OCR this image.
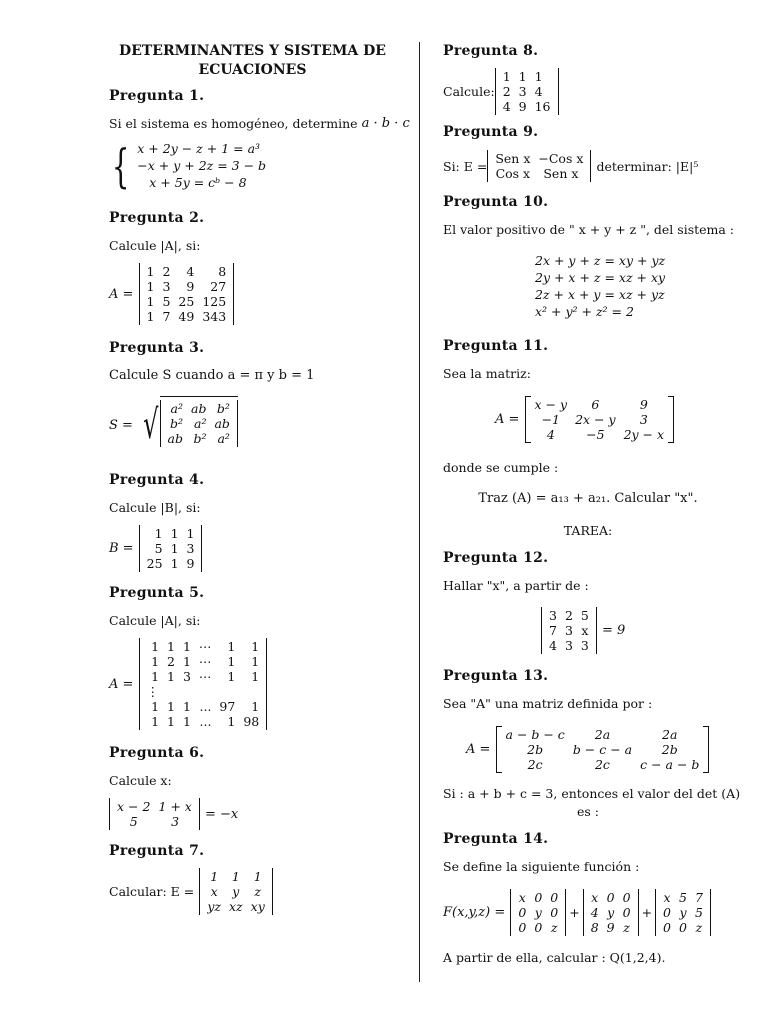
DETERMINANTES Y SISTEMA DE ECUACIONES
Pregunta 1.
Si el sistema es homogéneo, determine
a · b · c
{ x + 2y − z + 1 = a³
−x + y + 2z = 3 − b
x + 5y = cᵇ − 8
Pregunta 2.
Calcule |A|, si:
A =

1	2	4	8
1	3	9	27
1	5	25	125
1	7	49	343
Pregunta 3.
Calcule S cuando a = π y b = 1
S =
√ a²	ab	b²
b²	a²	ab
ab	b²	a²
Pregunta 4.
Calcule |B|, si:
B =

1	1	1
5	1	3
25	1	9
Pregunta 5.
Calcule |A|, si:
A =

1	1	1	⋯	1	1
1	2	1	⋯	1	1
1	1	3	⋯	1	1
⋮					
1	1	1	...	97	1
1	1	1	...	1	98
Pregunta 6.
Calcule x:
x − 2	1 + x
5	3
= −x
Pregunta 7.
Calcular: E =

1	1	1
x	y	z
yz	xz	xy
Pregunta 8.
Calcule:
1	1	1
2	3	4
4	9	16
Pregunta 9.
Si: E = Sen x	−Cos x
Cos x	Sen x
determinar: |E|⁵
Pregunta 10.
El valor positivo de " x + y + z ", del sistema :
2x + y + z = xy + yz
2y + x + z = xz + xy
2z + x + y = xz + yz
x² + y² + z² = 2
Pregunta 11.
Sea la matriz:
A =

x − y	6	9
−1	2x − y	3
4	−5	2y − x
donde se cumple :
Traz (A) = a₁₃ + a₂₁. Calcular "x".
TAREA:
Pregunta 12.
Hallar "x", a partir de :
3	2	5
7	3	x
4	3	3

= 9
Pregunta 13.
Sea "A" una matriz definida por :
A =

a − b − c	2a	2a
2b	b − c − a	2b
2c	2c	c − a − b
Si : a + b + c = 3, entonces el valor del det (A)
es :
Pregunta 14.
Se define la siguiente función :
F(x,y,z) =

x	0	0
0	y	0
0	0	z
+
x	0	0
4	y	0
8	9	z
+
x	5	7
0	y	5
0	0	z
A partir de ella, calcular : Q(1,2,4).
